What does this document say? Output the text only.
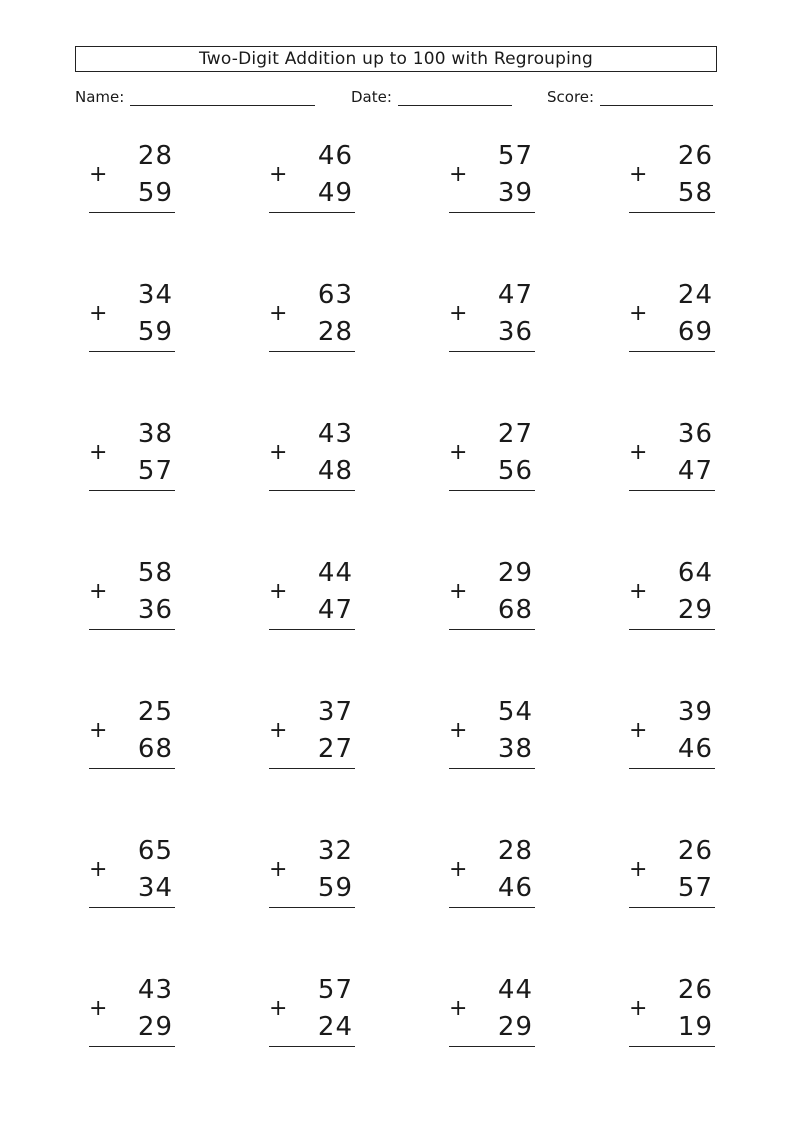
Two-Digit Addition up to 100 with Regrouping
Name:	Date:	Score:
28
+
59
46
+
49
57
+
39
26
+
58
34
+
59
63
+
28
47
+
36
24
+
69
38
+
57
43
+
48
27
+
56
36
+
47
58
+
36
44
+
47
29
+
68
64
+
29
25
+
68
37
+
27
54
+
38
39
+
46
65
+
34
32
+
59
28
+
46
26
+
57
43
+
29
57
+
24
44
+
29
26
+
19
